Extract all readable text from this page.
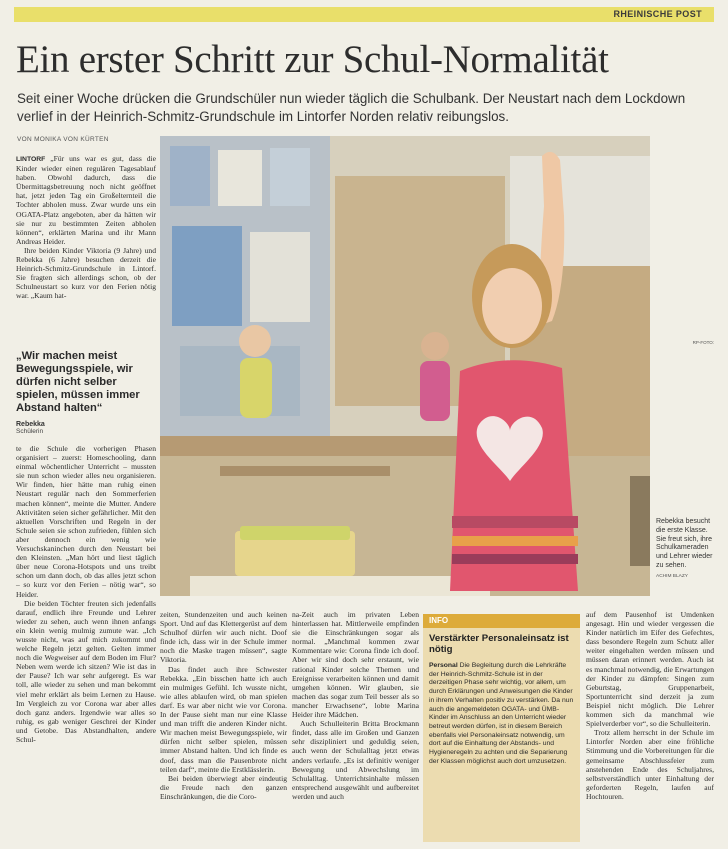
RHEINISCHE POST
Ein erster Schritt zur Schul-Normalität
Seit einer Woche drücken die Grundschüler nun wieder täglich die Schulbank. Der Neustart nach dem Lockdown verlief in der Heinrich-Schmitz-Grundschule im Lintorfer Norden relativ reibungslos.
VON MONIKA VON KÜRTEN

LINTORF „Für uns war es gut, dass die Kinder wieder einen regulären Tagesablauf haben. Obwohl dadurch, dass die Übermittagsbetreuung noch nicht geöffnet hat, jetzt jeden Tag ein Großelternteil die Tochter abholen muss. Zwar wurde uns ein OGATA-Platz angeboten, aber da hätten wir sie nur zu bestimmten Zeiten abholen können“, erklärten Marina und ihr Mann Andreas Heider.

Ihre beiden Kinder Viktoria (9 Jahre) und Rebekka (6 Jahre) besuchen derzeit die Heinrich-Schmitz-Grundschule in Lintorf. Sie fragten sich allerdings schon, ob der Schulneustart so kurz vor den Ferien nötig war. „Kaum hat-

„Wir machen meist Bewegungsspiele, wir dürfen nicht selber spielen, müssen immer Abstand halten“
Rebekka
Schülerin

te die Schule die vorherigen Phasen organisiert – zuerst: Homeschooling, dann einmal wöchentlicher Unterricht – mussten sie nun schon wieder alles neu organisieren. Wir finden, hier hätte man ruhig einen Neustart regulär nach den Sommerferien machen können“, meinte die Mutter. Andere Aktivitäten seien sicher gefährlicher. Mit den aktuellen Vorschriften und Regeln in der Schule seien sie schon zufrieden, fühlen sich aber dennoch ein wenig wie Versuchskaninchen durch den Neustart bei den Kleinsten. „Man hört und liest täglich über neue Corona-Hotspots und uns treibt schon um dann doch, ob das alles jetzt schon – so kurz vor den Ferien – nötig war“, so Heider.

Die beiden Töchter freuten sich jedenfalls darauf, endlich ihre Freunde und Lehrer wieder zu sehen, auch wenn ihnen anfangs ein klein wenig mulmig zumute war. „Ich wusste nicht, was auf mich zukommt und welche Regeln jetzt gelten. Gelten immer noch die Wegweiser auf dem Boden im Flur? Neben wem werde ich sitzen? Wie ist das in der Pause? Ich war sehr aufgeregt. Es war toll, alle wieder zu sehen und man bekommt viel mehr erklärt als beim Lernen zu Hause. Im Vergleich zu vor Corona war aber alles doch ganz anders. Irgendwie war alles so ruhig, es gab weniger Geschrei der Kinder und Getobe. Das Abstandhalten, andere Schul-

RP-FOTO:
Rebekka besucht die erste Klasse. Sie freut sich, ihre Schulkameraden und Lehrer wieder zu sehen.
ACHIM BLAZY

zeiten, Stundenzeiten und auch keinen Sport. Und auf das Klettergerüst auf dem Schulhof dürfen wir auch nicht. Doof finde ich, dass wir in der Schule immer noch die Maske tragen müssen“, sagte Viktoria.

Das findet auch ihre Schwester Rebekka. „Ein bisschen hatte ich auch ein mulmiges Gefühl. Ich wusste nicht, wie alles ablaufen wird, ob man spielen darf. Es war aber nicht wie vor Corona. In der Pause sieht man nur eine Klasse und man trifft die anderen Kinder nicht. Wir machen meist Bewegungsspiele, wir dürfen nicht selber spielen, müssen immer Abstand halten. Und ich finde es doof, dass man die Pausenbrote nicht teilen darf“, meinte die Erstklässlerin.

Bei beiden überwiegt aber eindeutig die Freude nach den ganzen Einschränkungen, die die Coro-

na-Zeit auch im privaten Leben hinterlassen hat. Mittlerweile empfinden sie die Einschränkungen sogar als normal. „Manchmal kommen zwar Kommentare wie: Corona finde ich doof. Aber wir sind doch sehr erstaunt, wie rational Kinder solche Themen und Ereignisse verarbeiten können und damit umgehen können. Wir glauben, sie machen das sogar zum Teil besser als so mancher Erwachsene“, lobte Marina Heider ihre Mädchen.

Auch Schulleiterin Britta Brockmann findet, dass alle im Großen und Ganzen sehr diszipliniert und geduldig seien, auch wenn der Schulalltag jetzt etwas anders verlaufe. „Es ist definitiv weniger Bewegung und Abwechslung im Schulalltag. Unterrichtsinhalte müssen entsprechend ausgewählt und aufbereitet werden und auch

INFO
Verstärkter Personaleinsatz ist nötig
Personal Die Begleitung durch die Lehrkräfte der Heinrich-Schmitz-Schule ist in der derzeitigen Phase sehr wichtig, vor allem, um durch Erklärungen und Anweisungen die Kinder in ihrem Verhalten positiv zu verstärken. Da nun auch die angemeldeten OGATA- und ÜMB-Kinder im Anschluss an den Unterricht wieder betreut werden dürfen, ist in diesem Bereich ebenfalls viel Personaleinsatz notwendig, um dort auf die Einhaltung der Abstands- und Hygieneregeln zu achten und die Separierung der Klassen möglichst auch dort umzusetzen.

auf dem Pausenhof ist Umdenken angesagt. Hin und wieder vergessen die Kinder natürlich im Eifer des Gefechtes, dass besondere Regeln zum Schutz aller weiter eingehalten werden müssen und müssen daran erinnert werden. Auch ist es manchmal notwendig, die Erwartungen der Kinder zu dämpfen: Singen zum Geburtstag, Gruppenarbeit, Sportunterricht sind derzeit ja zum Beispiel nicht möglich. Die Lehrer kommen sich da manchmal wie Spielverderber vor“, so die Schulleiterin.

Trotz allem herrscht in der Schule im Lintorfer Norden aber eine fröhliche Stimmung und die Vorbereitungen für die gemeinsame Abschlussfeier zum anstehenden Ende des Schuljahres, selbstverständlich unter Einhaltung der geforderten Regeln, laufen auf Hochtouren.
